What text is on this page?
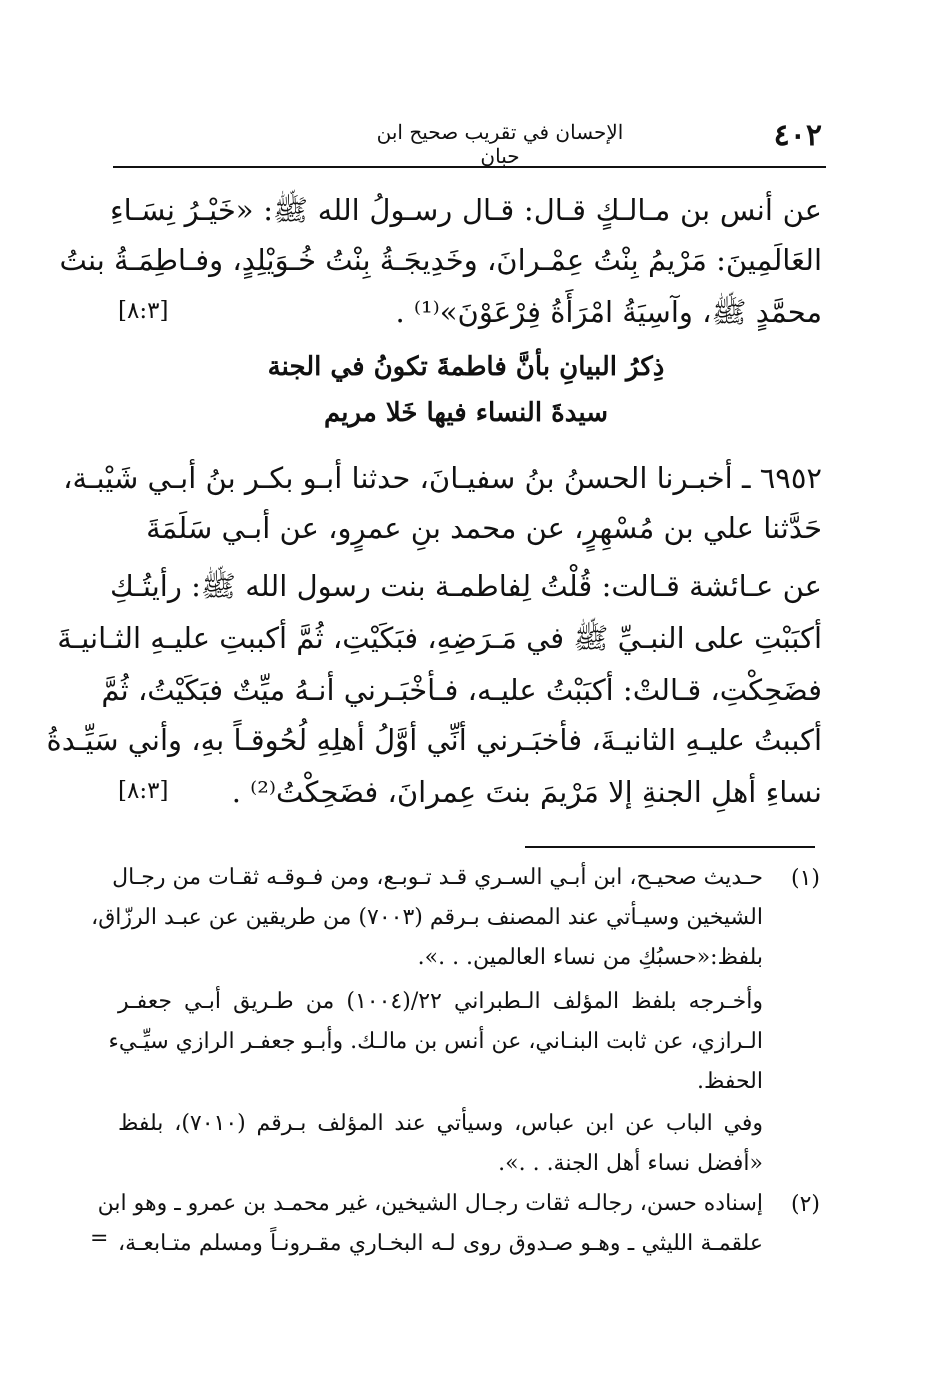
الإحسان في تقريب صحيح ابن حبان
٤٠٢
عن أنس بن مـالـكٍ قـال: قـال رسـولُ الله ﷺ: «خَيْـرُ نِسَـاءِ
العَالَمِينَ: مَرْيمُ بِنْتُ عِمْـرانَ، وخَدِيجَـةُ بِنْتُ خُـوَيْلِدٍ، وفـاطِمَـةُ بنتُ
محمَّدٍ ﷺ، وآسِيَةُ امْرَأَةُ فِرْعَوْنَ»⁽¹⁾ .
[٨:٣]
ذِكرُ البيانِ بأنَّ فاطمةَ تكونُ في الجنة
سيدةَ النساء فيها خَلا مريم
٦٩٥٢ ـ أخبـرنا الحسنُ بنُ سفيـانَ، حدثنا أبـو بكـر بنُ أبـي شَيْبـة،
حَدَّثنا علي بن مُسْهِرٍ، عن محمد بنِ عمرٍو، عن أبـي سَلَمَةَ
عن عـائشة قـالت: قُلْتُ لِفاطمـة بنت رسول الله ﷺ: رأيتُـكِ
أكبَبْتِ على النبـيِّ ﷺ في مَـرَضِهِ، فبَكَيْتِ، ثُمَّ أكببتِ عليـهِ الثـانيـةَ
فضَحِكْتِ، قـالتْ: أكبَبْتُ عليـه، فـأخْبَـرني أنـهُ ميِّتٌ فبَكَيْتُ، ثُمَّ
أكببتُ عليـهِ الثانيـةَ، فأخبَـرني أنِّي أوَّلُ أهلِهِ لُحُوقـاً بهِ، وأني سَيِّـدةُ
نساءِ أهلِ الجنةِ إلا مَرْيمَ بنتَ عِمرانَ، فضَحِكْتُ⁽²⁾ .
[٨:٣]
(١)
حـديث صحيـح، ابن أبـي السـري قـد تـوبـع، ومن فـوقـه ثقـات من رجـال
الشيخين وسيـأتي عند المصنف بـرقم (٧٠٠٣) من طريقين عن عبـد الرزّاق،
بلفظ:«حسبُكِ من نساء العالمين. . .».
وأخـرجه بلفظ المؤلف الـطبراني ٢٢/(١٠٠٤) من طـريق أبـي جعفـر
الـرازي، عن ثابت البنـاني، عن أنس بن مالـك. وأبـو جعفـر الرازي سيِّـيء
الحفظ.
وفي الباب عن ابن عباس، وسيأتي عند المؤلف بـرقم (٧٠١٠)، بلفظ
«أفضل نساء أهل الجنة. . .».
(٢)
إسناده حسن، رجالـه ثقات رجـال الشيخين، غير محمـد بن عمرو ـ وهو ابن
علقمـة الليثي ـ وهـو صـدوق روى لـه البخـاري مقـرونـاً ومسلم متـابعـة،
=
